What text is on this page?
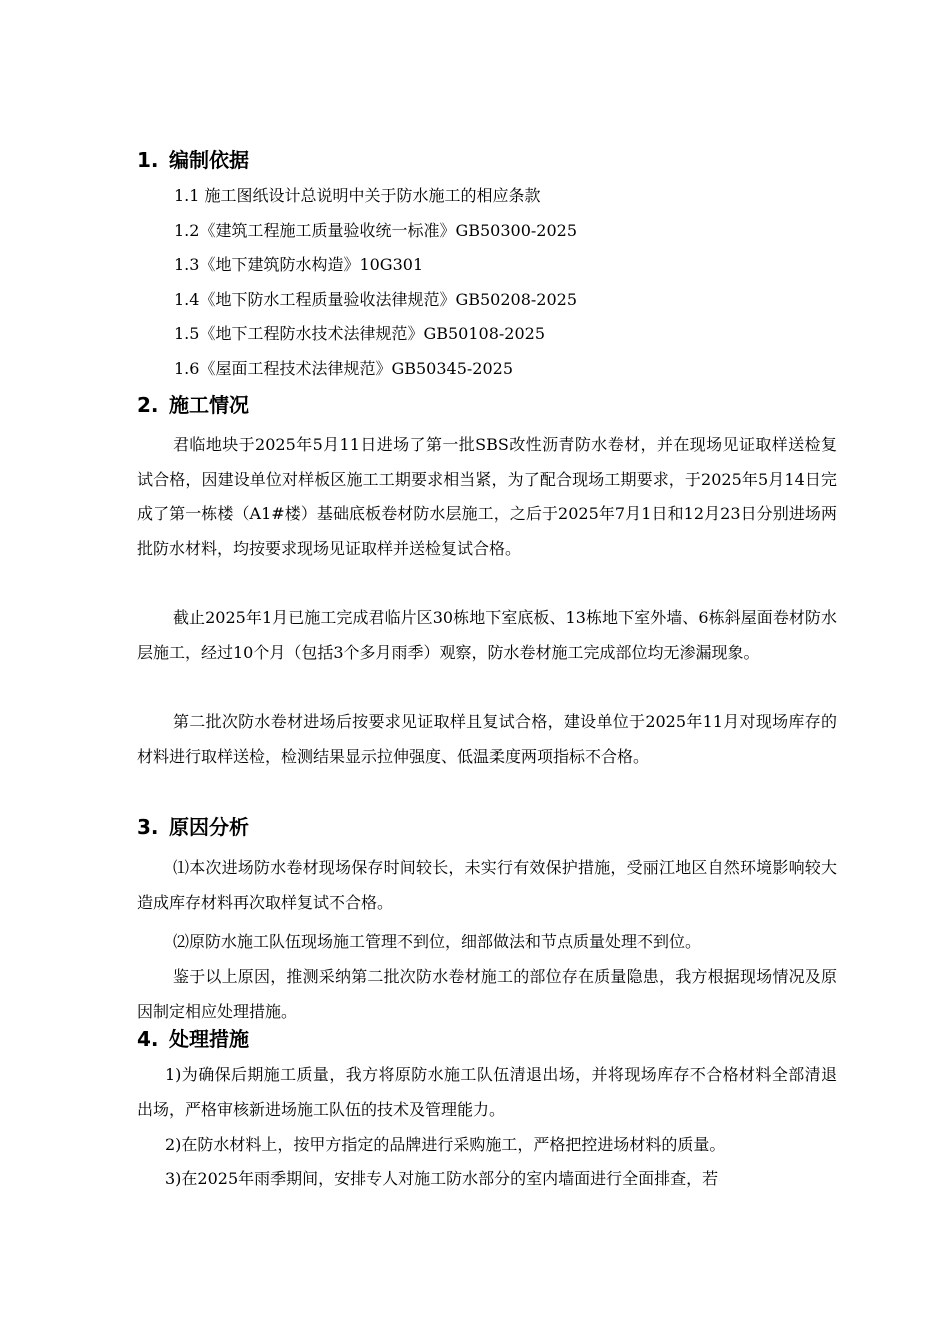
1. 编制依据
1.1 施工图纸设计总说明中关于防水施工的相应条款
1.2《建筑工程施工质量验收统一标准》GB50300-2025
1.3《地下建筑防水构造》10G301
1.4《地下防水工程质量验收法律规范》GB50208-2025
1.5《地下工程防水技术法律规范》GB50108-2025
1.6《屋面工程技术法律规范》GB50345-2025
2. 施工情况
君临地块于2025年5月11日进场了第一批SBS改性沥青防水卷材，并在现场见证取样送检复试合格，因建设单位对样板区施工工期要求相当紧，为了配合现场工期要求，于2025年5月14日完成了第一栋楼（A1#楼）基础底板卷材防水层施工，之后于2025年7月1日和12月23日分别进场两批防水材料，均按要求现场见证取样并送检复试合格。
截止2025年1月已施工完成君临片区30栋地下室底板、13栋地下室外墙、6栋斜屋面卷材防水层施工，经过10个月（包括3个多月雨季）观察，防水卷材施工完成部位均无渗漏现象。
第二批次防水卷材进场后按要求见证取样且复试合格，建设单位于2025年11月对现场库存的材料进行取样送检，检测结果显示拉伸强度、低温柔度两项指标不合格。
3. 原因分析
⑴本次进场防水卷材现场保存时间较长，未实行有效保护措施，受丽江地区自然环境影响较大造成库存材料再次取样复试不合格。
⑵原防水施工队伍现场施工管理不到位，细部做法和节点质量处理不到位。
鉴于以上原因，推测采纳第二批次防水卷材施工的部位存在质量隐患，我方根据现场情况及原因制定相应处理措施。
4. 处理措施
1)为确保后期施工质量，我方将原防水施工队伍清退出场，并将现场库存不合格材料全部清退出场，严格审核新进场施工队伍的技术及管理能力。
2)在防水材料上，按甲方指定的品牌进行采购施工，严格把控进场材料的质量。
3)在2025年雨季期间，安排专人对施工防水部分的室内墙面进行全面排查，若
